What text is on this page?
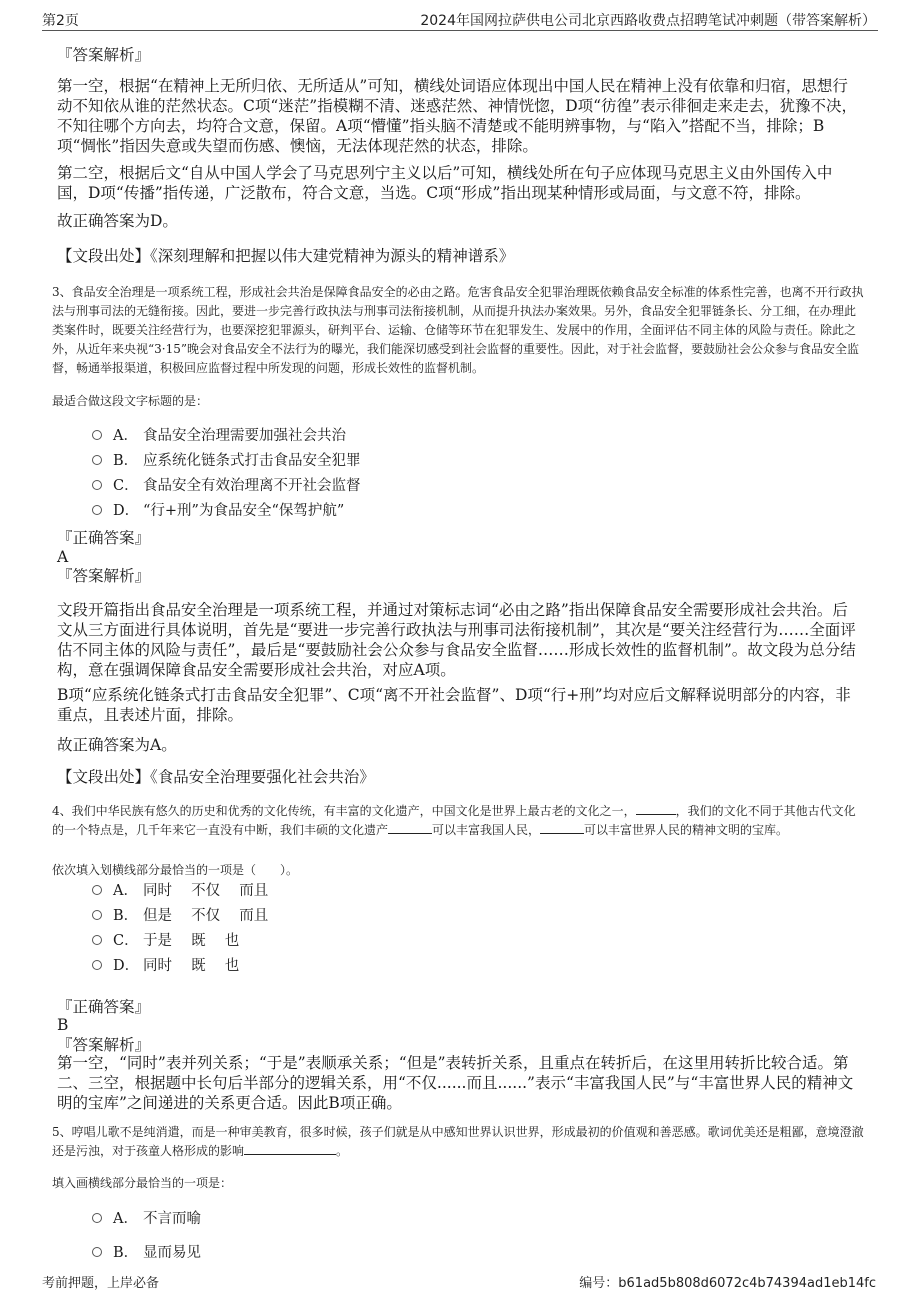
第2页	2024年国网拉萨供电公司北京西路收费点招聘笔试冲刺题（带答案解析）
『答案解析』
第一空，根据“在精神上无所归依、无所适从”可知，横线处词语应体现出中国人民在精神上没有依靠和归宿，思想行动不知依从谁的茫然状态。C项“迷茫”指模糊不清、迷惑茫然、神情恍惚，D项“彷徨”表示徘徊走来走去，犹豫不决，不知往哪个方向去，均符合文意，保留。A项“懵懂”指头脑不清楚或不能明辨事物，与“陷入”搭配不当，排除；B项“惆怅”指因失意或失望而伤感、懊恼，无法体现茫然的状态，排除。
第二空，根据后文“自从中国人学会了马克思列宁主义以后”可知，横线处所在句子应体现马克思主义由外国传入中国，D项“传播”指传递，广泛散布，符合文意，当选。C项“形成”指出现某种情形或局面，与文意不符，排除。
故正确答案为D。
【文段出处】《深刻理解和把握以伟大建党精神为源头的精神谱系》
3、食品安全治理是一项系统工程，形成社会共治是保障食品安全的必由之路。危害食品安全犯罪治理既依赖食品安全标准的体系性完善，也离不开行政执法与刑事司法的无缝衔接。因此，要进一步完善行政执法与刑事司法衔接机制，从而提升执法办案效果。另外，食品安全犯罪链条长、分工细，在办理此类案件时，既要关注经营行为，也要深挖犯罪源头，研判平台、运输、仓储等环节在犯罪发生、发展中的作用，全面评估不同主体的风险与责任。除此之外，从近年来央视“3·15”晚会对食品安全不法行为的曝光，我们能深切感受到社会监督的重要性。因此，对于社会监督，要鼓励社会公众参与食品安全监督，畅通举报渠道，积极回应监督过程中所发现的问题，形成长效性的监督机制。
最适合做这段文字标题的是：
A． 食品安全治理需要加强社会共治
B． 应系统化链条式打击食品安全犯罪
C． 食品安全有效治理离不开社会监督
D． “行+刑”为食品安全“保驾护航”
『正确答案』
A
『答案解析』
文段开篇指出食品安全治理是一项系统工程，并通过对策标志词“必由之路”指出保障食品安全需要形成社会共治。后文从三方面进行具体说明，首先是“要进一步完善行政执法与刑事司法衔接机制”，其次是“要关注经营行为……全面评估不同主体的风险与责任”，最后是“要鼓励社会公众参与食品安全监督……形成长效性的监督机制”。故文段为总分结构，意在强调保障食品安全需要形成社会共治，对应A项。
B项“应系统化链条式打击食品安全犯罪”、C项“离不开社会监督”、D项“行+刑”均对应后文解释说明部分的内容，非重点，且表述片面，排除。
故正确答案为A。
【文段出处】《食品安全治理要强化社会共治》
4、我们中华民族有悠久的历史和优秀的文化传统，有丰富的文化遗产，中国文化是世界上最古老的文化之一，	，我们的文化不同于其他古代文化的一个特点是，几千年来它一直没有中断，我们丰硕的文化遗产	可以丰富我国人民，	可以丰富世界人民的精神文明的宝库。
依次填入划横线部分最恰当的一项是（　　）。
A． 同时　 不仅　 而且
B． 但是　 不仅　 而且
C． 于是　 既　 也
D． 同时　 既　 也
『正确答案』
B
『答案解析』
第一空，“同时”表并列关系；“于是”表顺承关系；“但是”表转折关系，且重点在转折后，在这里用转折比较合适。第二、三空，根据题中长句后半部分的逻辑关系，用“不仅......而且......”表示“丰富我国人民”与“丰富世界人民的精神文明的宝库”之间递进的关系更合适。因此B项正确。
5、哼唱儿歌不是纯消遣，而是一种审美教育，很多时候，孩子们就是从中感知世界认识世界，形成最初的价值观和善恶感。歌词优美还是粗鄙，意境澄澈还是污浊，对于孩童人格形成的影响	。
填入画横线部分最恰当的一项是：
A． 不言而喻
B． 显而易见
考前押题，上岸必备	编号：b61ad5b808d6072c4b74394ad1eb14fc
